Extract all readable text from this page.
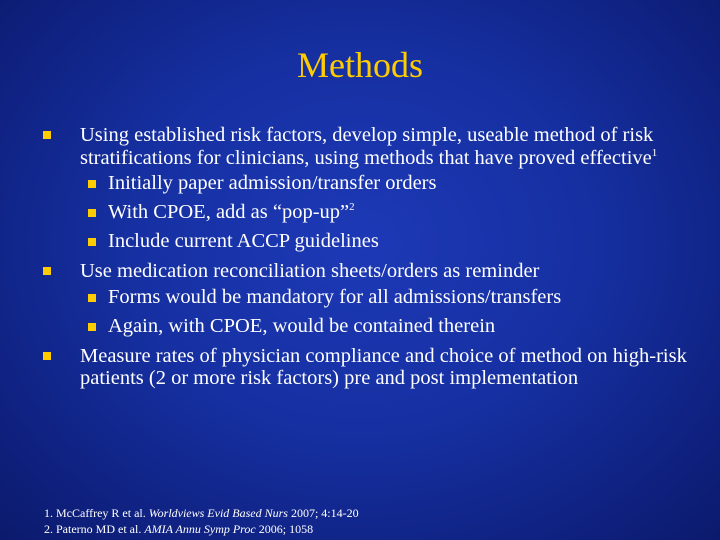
Methods
Using established risk factors, develop simple, useable method of risk stratifications for clinicians, using methods that have proved effective$^1$
Initially paper admission/transfer orders
With CPOE, add as “pop-up”$^2$
Include current ACCP guidelines
Use medication reconciliation sheets/orders as reminder
Forms would be mandatory for all admissions/transfers
Again, with CPOE, would be contained therein
Measure rates of physician compliance and choice of method on high-risk patients (2 or more risk factors) pre and post implementation
1. McCaffrey R et al. Worldviews Evid Based Nurs 2007; 4:14-20
2. Paterno MD et al. AMIA Annu Symp Proc 2006; 1058
